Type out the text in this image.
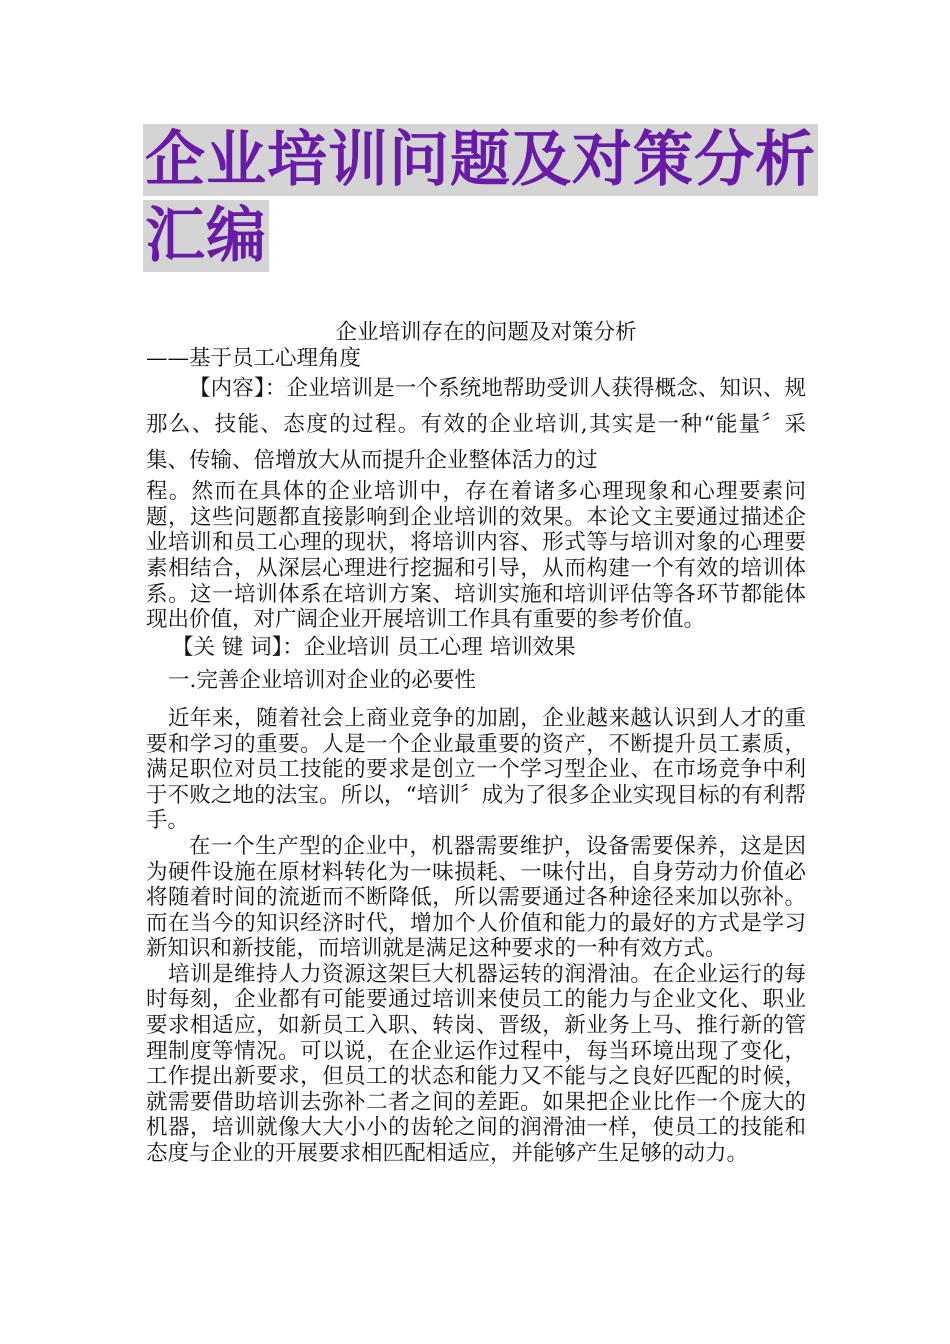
企业培训问题及对策分析
汇编

企业培训存在的问题及对策分析

——基于员工心理角度

【内容】：企业培训是一个系统地帮助受训人获得概念、知识、规那么、技能、态度的过程。有效的企业培训,其实是一种“能量〞采集、传输、倍增放大从而提升企业整体活力的过

程。然而在具体的企业培训中，存在着诸多心理现象和心理要素问题，这些问题都直接影响到企业培训的效果。本论文主要通过描述企业培训和员工心理的现状，将培训内容、形式等与培训对象的心理要素相结合，从深层心理进行挖掘和引导，从而构建一个有效的培训体系。这一培训体系在培训方案、培训实施和培训评估等各环节都能体现出价值，对广阔企业开展培训工作具有重要的参考价值。

【关 键 词】：企业培训 员工心理 培训效果

一.完善企业培训对企业的必要性

近年来，随着社会上商业竞争的加剧，企业越来越认识到人才的重要和学习的重要。人是一个企业最重要的资产，不断提升员工素质，满足职位对员工技能的要求是创立一个学习型企业、在市场竞争中利于不败之地的法宝。所以，“培训〞成为了很多企业实现目标的有利帮手。

在一个生产型的企业中，机器需要维护，设备需要保养，这是因为硬件设施在原材料转化为一味损耗、一味付出，自身劳动力价值必将随着时间的流逝而不断降低，所以需要通过各种途径来加以弥补。而在当今的知识经济时代，增加个人价值和能力的最好的方式是学习新知识和新技能，而培训就是满足这种要求的一种有效方式。

培训是维持人力资源这架巨大机器运转的润滑油。在企业运行的每时每刻，企业都有可能要通过培训来使员工的能力与企业文化、职业要求相适应，如新员工入职、转岗、晋级，新业务上马、推行新的管理制度等情况。可以说，在企业运作过程中，每当环境出现了变化，工作提出新要求，但员工的状态和能力又不能与之良好匹配的时候，就需要借助培训去弥补二者之间的差距。如果把企业比作一个庞大的机器，培训就像大大小小的齿轮之间的润滑油一样，使员工的技能和态度与企业的开展要求相匹配相适应，并能够产生足够的动力。
